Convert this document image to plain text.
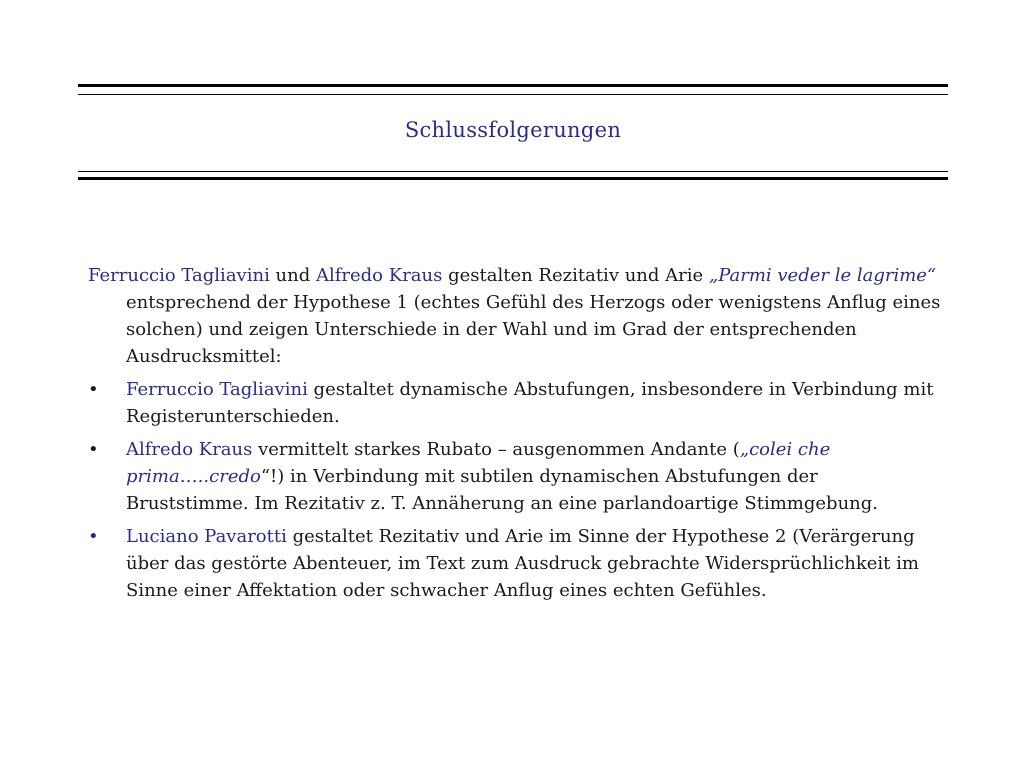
Schlussfolgerungen

Ferruccio Tagliavini und Alfredo Kraus gestalten Rezitativ und Arie „Parmi veder le lagrime“ entsprechend der Hypothese 1 (echtes Gefühl des Herzogs oder wenigstens Anflug eines solchen) und zeigen Unterschiede in der Wahl und im Grad der entsprechenden Ausdrucksmittel:

• Ferruccio Tagliavini gestaltet dynamische Abstufungen, insbesondere in Verbindung mit Registerunterschieden.
• Alfredo Kraus vermittelt starkes Rubato – ausgenommen Andante („colei che prima…..credo“!) in Verbindung mit subtilen dynamischen Abstufungen der Bruststimme. Im Rezitativ z. T. Annäherung an eine parlandoartige Stimmgebung.
• Luciano Pavarotti gestaltet Rezitativ und Arie im Sinne der Hypothese 2 (Verärgerung über das gestörte Abenteuer, im Text zum Ausdruck gebrachte Widersprüchlichkeit im Sinne einer Affektation oder schwacher Anflug eines echten Gefühles.
